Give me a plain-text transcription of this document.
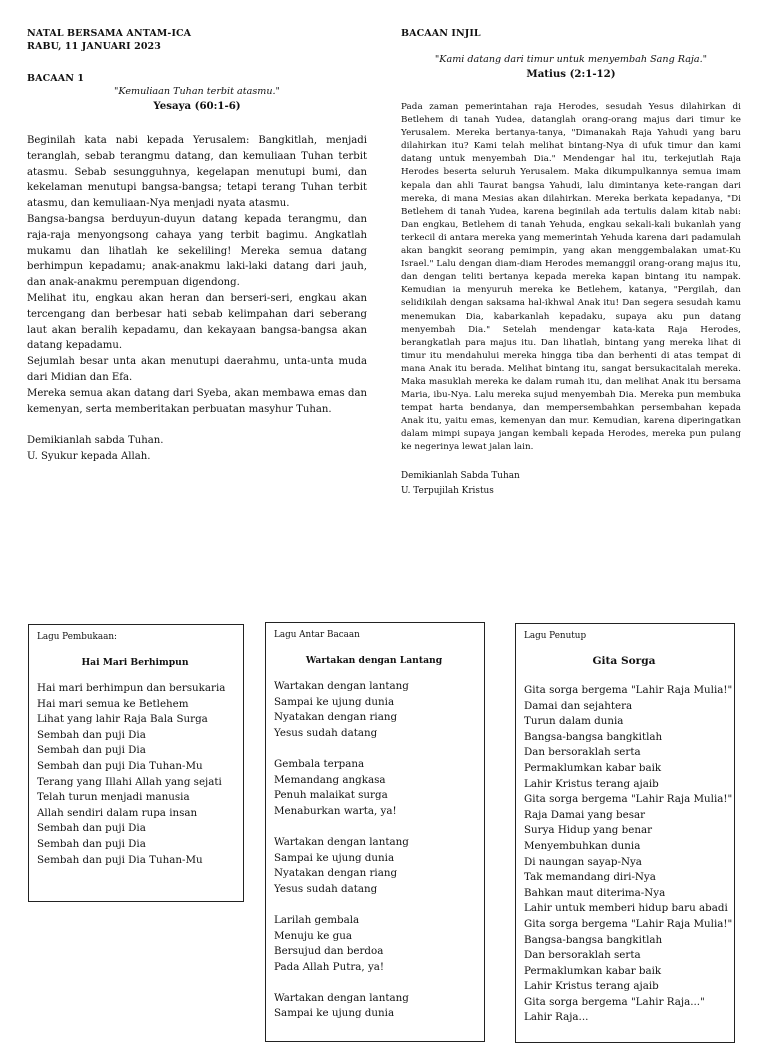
NATAL BERSAMA ANTAM-ICA
RABU, 11 JANUARI 2023
BACAAN 1
"Kemuliaan Tuhan terbit atasmu."
Yesaya (60:1-6)

Beginilah kata nabi kepada Yerusalem: Bangkitlah, menjadi teranglah, sebab terangmu datang, dan kemuliaan Tuhan terbit atasmu. Sebab sesungguhnya, kegelapan menutupi bumi, dan kekelaman menutupi bangsa-bangsa; tetapi terang Tuhan terbit atasmu, dan kemuliaan-Nya menjadi nyata atasmu.

Bangsa-bangsa berduyun-duyun datang kepada terangmu, dan raja-raja menyongsong cahaya yang terbit bagimu. Angkatlah mukamu dan lihatlah ke sekeliling! Mereka semua datang berhimpun kepadamu; anak-anakmu laki-laki datang dari jauh, dan anak-anakmu perempuan digendong.

Melihat itu, engkau akan heran dan berseri-seri, engkau akan tercengang dan berbesar hati sebab kelimpahan dari seberang laut akan beralih kepadamu, dan kekayaan bangsa-bangsa akan datang kepadamu.

Sejumlah besar unta akan menutupi daerahmu, unta-unta muda dari Midian dan Efa.

Mereka semua akan datang dari Syeba, akan membawa emas dan kemenyan, serta memberitakan perbuatan masyhur Tuhan.

Demikianlah sabda Tuhan.
U. Syukur kepada Allah.
BACAAN INJIL
"Kami datang dari timur untuk menyembah Sang Raja."
Matius (2:1-12)

Pada zaman pemerintahan raja Herodes, sesudah Yesus dilahirkan di Betlehem di tanah Yudea, datanglah orang-orang majus dari timur ke Yerusalem. Mereka bertanya-tanya, "Dimanakah Raja Yahudi yang baru dilahirkan itu? Kami telah melihat bintang-Nya di ufuk timur dan kami datang untuk menyembah Dia." Mendengar hal itu, terkejutlah Raja Herodes beserta seluruh Yerusalem. Maka dikumpulkannya semua imam kepala dan ahli Taurat bangsa Yahudi, lalu dimintanya kete-rangan dari mereka, di mana Mesias akan dilahirkan. Mereka berkata kepadanya, "Di Betlehem di tanah Yudea, karena beginilah ada tertulis dalam kitab nabi: Dan engkau, Betlehem di tanah Yehuda, engkau sekali-kali bukanlah yang terkecil di antara mereka yang memerintah Yehuda karena dari padamulah akan bangkit seorang pemimpin, yang akan menggembalakan umat-Ku Israel." Lalu dengan diam-diam Herodes memanggil orang-orang majus itu, dan dengan teliti bertanya kepada mereka kapan bintang itu nampak. Kemudian ia menyuruh mereka ke Betlehem, katanya, "Pergilah, dan selidikilah dengan saksama hal-ikhwal Anak itu! Dan segera sesudah kamu menemukan Dia, kabarkanlah kepadaku, supaya aku pun datang menyembah Dia." Setelah mendengar kata-kata Raja Herodes, berangkatlah para majus itu. Dan lihatlah, bintang yang mereka lihat di timur itu mendahului mereka hingga tiba dan berhenti di atas tempat di mana Anak itu berada. Melihat bintang itu, sangat bersukacitalah mereka. Maka masuklah mereka ke dalam rumah itu, dan melihat Anak itu bersama Maria, ibu-Nya. Lalu mereka sujud menyembah Dia. Mereka pun membuka tempat harta bendanya, dan mempersembahkan persembahan kepada Anak itu, yaitu emas, kemenyan dan mur. Kemudian, karena diperingatkan dalam mimpi supaya jangan kembali kepada Herodes, mereka pun pulang ke negerinya lewat jalan lain.

Demikianlah Sabda Tuhan
U. Terpujilah Kristus
Lagu Pembukaan:
Hai Mari Berhimpun
Hai mari berhimpun dan bersukaria
Hai mari semua ke Betlehem
Lihat yang lahir Raja Bala Surga
Sembah dan puji Dia
Sembah dan puji Dia
Sembah dan puji Dia Tuhan-Mu
Terang yang Illahi Allah yang sejati
Telah turun menjadi manusia
Allah sendiri dalam rupa insan
Sembah dan puji Dia
Sembah dan puji Dia
Sembah dan puji Dia Tuhan-Mu
Lagu Antar Bacaan
Wartakan dengan Lantang
Wartakan dengan lantang
Sampai ke ujung dunia
Nyatakan dengan riang
Yesus sudah datang
Gembala terpana
Memandang angkasa
Penuh malaikat surga
Menaburkan warta, ya!
Wartakan dengan lantang
Sampai ke ujung dunia
Nyatakan dengan riang
Yesus sudah datang
Larilah gembala
Menuju ke gua
Bersujud dan berdoa
Pada Allah Putra, ya!
Wartakan dengan lantang
Sampai ke ujung dunia
Lagu Penutup
Gita Sorga
Gita sorga bergema "Lahir Raja Mulia!"
Damai dan sejahtera
Turun dalam dunia
Bangsa-bangsa bangkitlah
Dan bersoraklah serta
Permaklumkan kabar baik
Lahir Kristus terang ajaib
Gita sorga bergema "Lahir Raja Mulia!"
Raja Damai yang besar
Surya Hidup yang benar
Menyembuhkan dunia
Di naungan sayap-Nya
Tak memandang diri-Nya
Bahkan maut diterima-Nya
Lahir untuk memberi hidup baru abadi
Gita sorga bergema "Lahir Raja Mulia!"
Bangsa-bangsa bangkitlah
Dan bersoraklah serta
Permaklumkan kabar baik
Lahir Kristus terang ajaib
Gita sorga bergema "Lahir Raja..."
Lahir Raja...
